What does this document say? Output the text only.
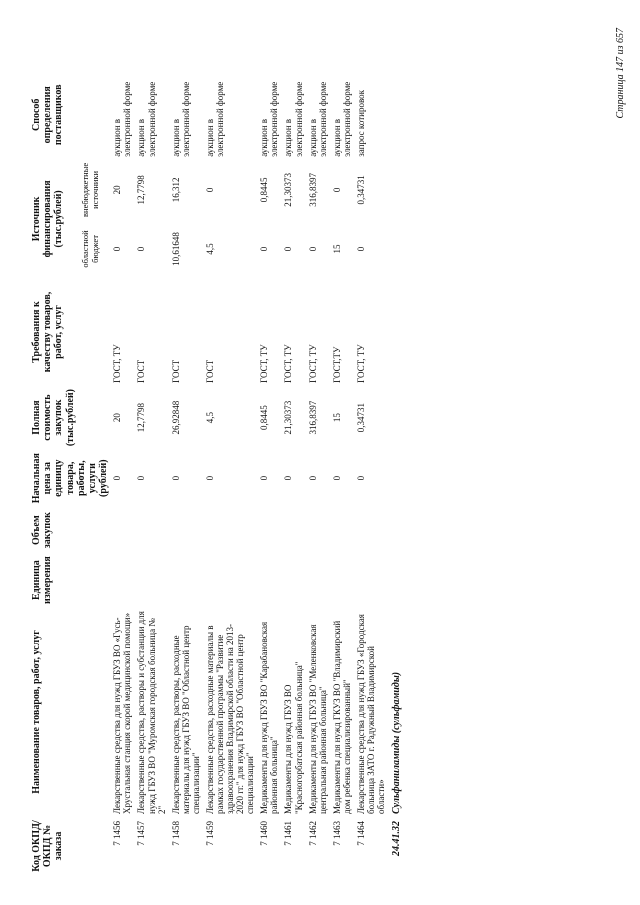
Код ОКПД/ ОКПД № заказа	Наименование товаров, работ, услуг	Единица измерения	Объем закупок	Начальная цена за единицу товара, работы, услуги (рублей)	Полная стоимость закупок (тыс.рублей)	Требования к качеству товаров, работ, услуг	Источник финансирования (тыс.рублей)		Способ определения поставщиков
							областной бюджет	внебюджетные источники	
7 1456	Лекарственные средства для нужд ГБУЗ ВО «Гусь-Хрустальная станция скорой медицинской помощи»			0	20	ГОСТ, ТУ	0	20	аукцион в электронной форме
7 1457	Лекарственные средства, растворы и субстанции для нужд ГБУЗ ВО "Муромская городская больница № 2"			0	12,7798	ГОСТ	0	12,7798	аукцион в электронной форме
7 1458	Лекарственные средства, растворы, расходные материалы для нужд ГБУЗ ВО "Областной центр специализации"			0	26,92848	ГОСТ	10,61648	16,312	аукцион в электронной форме
7 1459	Лекарственные средства, расходные материалы в рамках государственной программы "Развитие здравоохранения Владимирской области на 2013-2020 гг." для нужд ГБУЗ ВО "Областной центр специализации"			0	4,5	ГОСТ	4,5	0	аукцион в электронной форме
7 1460	Медикаменты для нужд ГБУЗ ВО "Карабановская районная больница"			0	0,8445	ГОСТ, ТУ	0	0,8445	аукцион в электронной форме
7 1461	Медикаменты для нужд ГБУЗ ВО "Красногорбатская районная больница"			0	21,30373	ГОСТ, ТУ	0	21,30373	аукцион в электронной форме
7 1462	Медикаменты для нужд ГБУЗ ВО "Меленковская центральная районная больница"			0	316,8397	ГОСТ, ТУ	0	316,8397	аукцион в электронной форме
7 1463	Медикаменты для нужд ГКУЗ ВО "Владимирский дом ребенка специализированный"			0	15	ГОСТ,ТУ	15	0	аукцион в электронной форме
7 1464	Лекарственные средства для нужд ГБУЗ «Городская больница ЗАТО г. Радужный Владимирской области»			0	0,34731	ГОСТ, ТУ	0	0,34731	запрос котировок
24.41.32	Сульфаниламиды (сульфамиды)								
Страница 147 из 657
